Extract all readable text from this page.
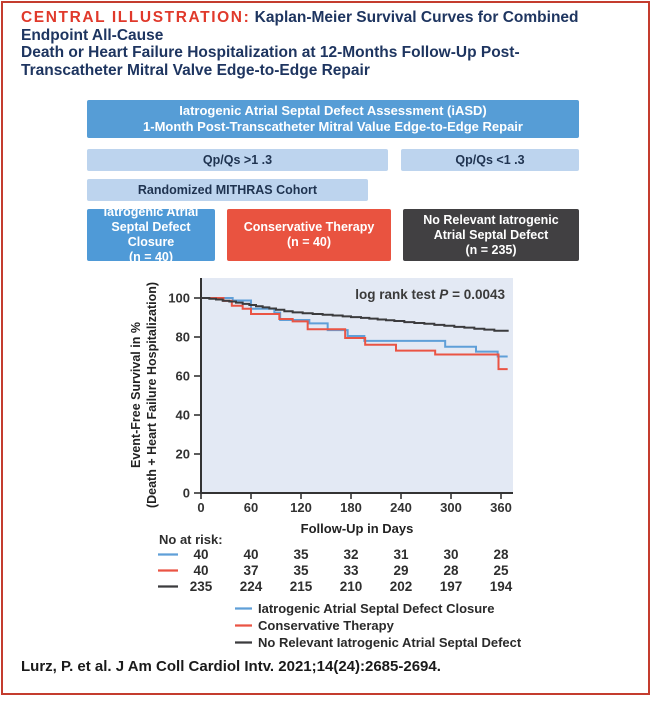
CENTRAL ILLUSTRATION: Kaplan-Meier Survival Curves for Combined
Endpoint All-Cause
Death or Heart Failure Hospitalization at 12-Months Follow-Up Post-
Transcatheter Mitral Valve Edge-to-Edge Repair
Iatrogenic Atrial Septal Defect Assessment (iASD)
1-Month Post-Transcatheter Mitral Value Edge-to-Edge Repair
Qp/Qs >1 .3	Qp/Qs <1 .3
Randomized MITHRAS Cohort
Iatrogenic Atrial
Septal Defect Closure
(n = 40)
Conservative Therapy
(n = 40)
No Relevant Iatrogenic
Atrial Septal Defect
(n = 235)
0
20
40
60
80
100
0	60 120 180 240 300 360
log rank test P = 0.0043
Event-Free Survival in % (Death + Heart Failure Hospitalization)
Follow-Up in Days
No at risk:
40	40	35	32	31	30	28
40	37	35	33	29	28	25
235 224 215 210 202 197 194
Iatrogenic Atrial Septal Defect Closure
Conservative Therapy
No Relevant Iatrogenic Atrial Septal Defect
Lurz, P. et al. J Am Coll Cardiol Intv. 2021;14(24):2685-2694.
